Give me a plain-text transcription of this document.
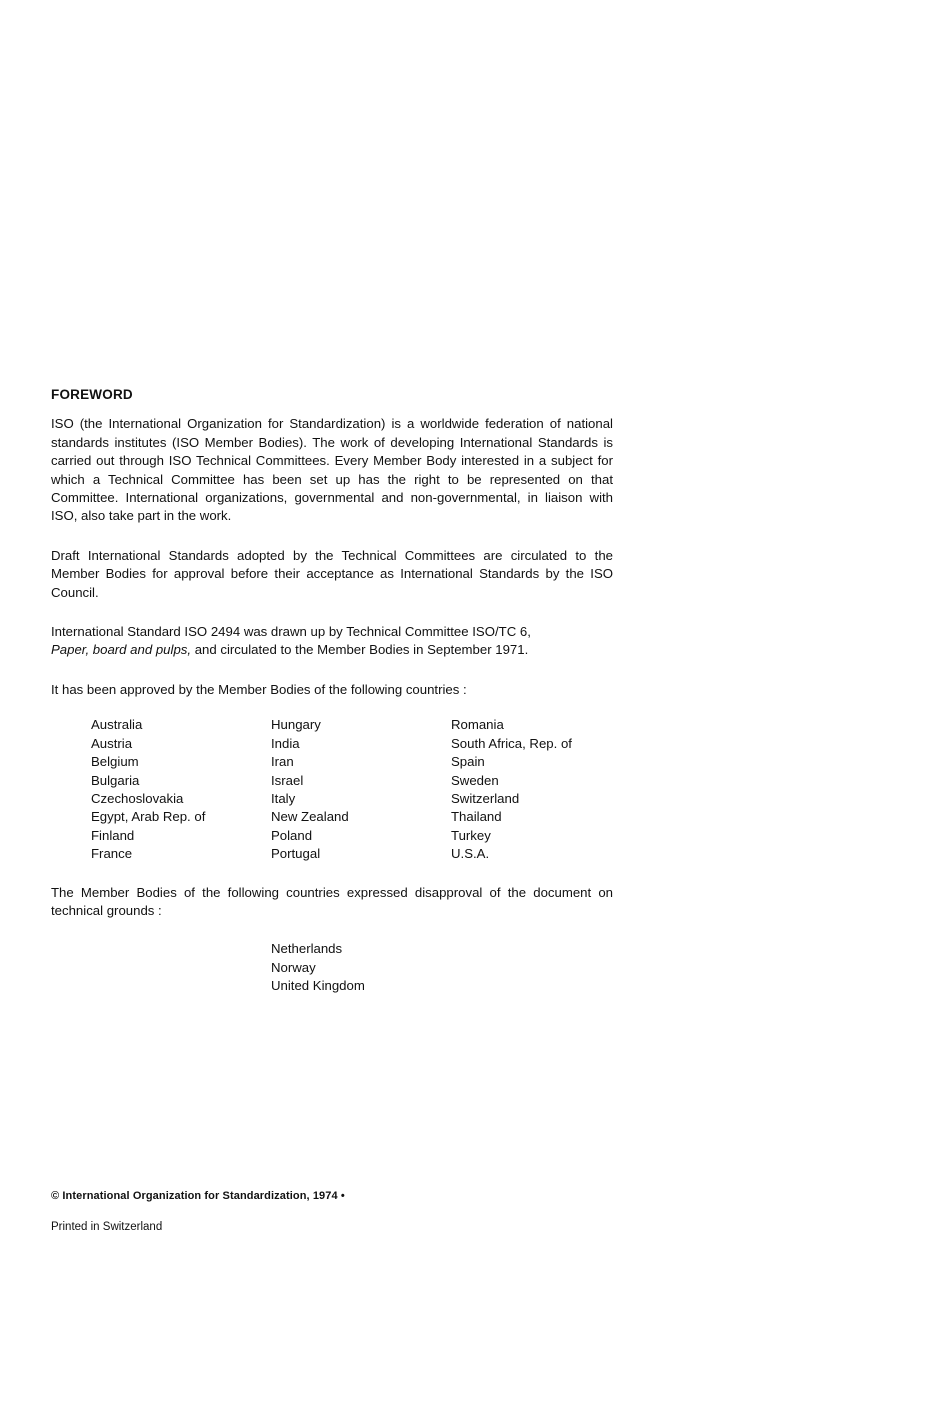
FOREWORD

ISO (the International Organization for Standardization) is a worldwide federation of national standards institutes (ISO Member Bodies). The work of developing International Standards is carried out through ISO Technical Committees. Every Member Body interested in a subject for which a Technical Committee has been set up has the right to be represented on that Committee. International organizations, governmental and non-governmental, in liaison with ISO, also take part in the work.

Draft International Standards adopted by the Technical Committees are circulated to the Member Bodies for approval before their acceptance as International Standards by the ISO Council.

International Standard ISO 2494 was drawn up by Technical Committee ISO/TC 6,
Paper, board and pulps, and circulated to the Member Bodies in September 1971.

It has been approved by the Member Bodies of the following countries :

Australia
Austria
Belgium
Bulgaria
Czechoslovakia
Egypt, Arab Rep. of
Finland
France
Hungary
India
Iran
Israel
Italy
New Zealand
Poland
Portugal
Romania
South Africa, Rep. of
Spain
Sweden
Switzerland
Thailand
Turkey
U.S.A.

The Member Bodies of the following countries expressed disapproval of the document on technical grounds :

Netherlands
Norway
United Kingdom
© International Organization for Standardization, 1974 •
Printed in Switzerland
